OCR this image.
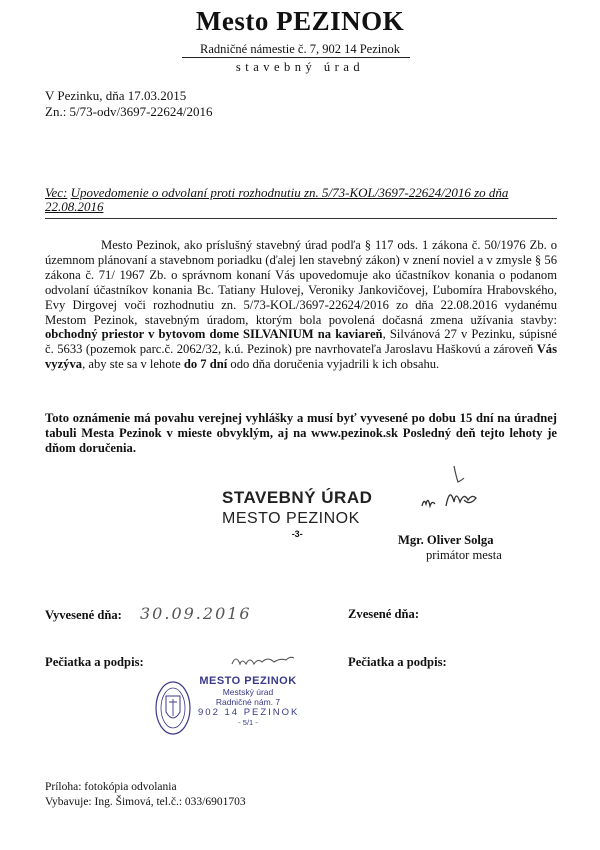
Mesto PEZINOK
Radničné námestie č. 7, 902 14 Pezinok
stavebný úrad
V Pezinku, dňa 17.03.2015
Zn.: 5/73-odv/3697-22624/2016
Vec: Upovedomenie o odvolaní proti rozhodnutiu zn. 5/73-KOL/3697-22624/2016 zo dňa 22.08.2016
Mesto Pezinok, ako príslušný stavebný úrad podľa § 117 ods. 1 zákona č. 50/1976 Zb. o územnom plánovaní a stavebnom poriadku (ďalej len stavebný zákon) v znení noviel a v zmysle § 56 zákona č. 71/ 1967 Zb. o správnom konaní Vás upovedomuje ako účastníkov konania o podanom odvolaní účastníkov konania Bc. Tatiany Hulovej, Veroniky Jankovičovej, Ľubomíra Hrabovského, Evy Dirgovej voči rozhodnutiu zn. 5/73-KOL/3697-22624/2016 zo dňa 22.08.2016 vydanému Mestom Pezinok, stavebným úradom, ktorým bola povolená dočasná zmena užívania stavby: obchodný priestor v bytovom dome SILVANIUM na kaviareň, Silvánová 27 v Pezinku, súpisné č. 5633 (pozemok parc.č. 2062/32, k.ú. Pezinok) pre navrhovateľa Jaroslavu Haškovú a zároveň Vás vyzýva, aby ste sa v lehote do 7 dní odo dňa doručenia vyjadrili k ich obsahu.
Toto oznámenie má povahu verejnej vyhlášky a musí byť vyvesené po dobu 15 dní na úradnej tabuli Mesta Pezinok v mieste obvyklým, aj na www.pezinok.sk Posledný deň tejto lehoty je dňom doručenia.
STAVEBNÝ ÚRAD
MESTO PEZINOK
-3-	Mgr. Oliver Solga
primátor mesta
Vyvesené dňa: 30.09.2016	Zvesené dňa:
Pečiatka a podpis:	Pečiatka a podpis:
MESTO PEZINOK
Mestský úrad
Radničné nám. 7
902 14 PEZINOK
- 5/1 -
Príloha: fotokópia odvolania
Vybavuje: Ing. Šimová, tel.č.: 033/6901703
